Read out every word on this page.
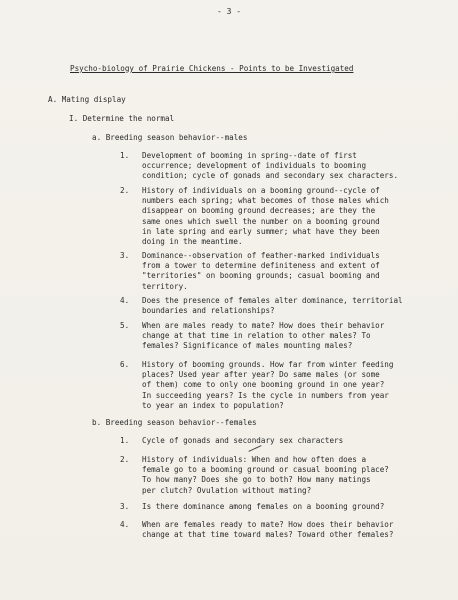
- 3 -
Psycho-biology of Prairie Chickens - Points to be Investigated
A. Mating display
I. Determine the normal
a. Breeding season behavior--males
b. Breeding season behavior--females
1. Development of booming in spring--date of first
occurrence; development of individuals to booming
condition; cycle of gonads and secondary sex characters.
2. History of individuals on a booming ground--cycle of
numbers each spring; what becomes of those males which
disappear on booming ground decreases; are they the
same ones which swell the number on a booming ground
in late spring and early summer; what have they been
doing in the meantime.
3. Dominance--observation of feather-marked individuals
from a tower to determine definiteness and extent of
"territories" on booming grounds; casual booming and
territory.
4. Does the presence of females alter dominance, territorial
boundaries and relationships?
5. When are males ready to mate? How does their behavior
change at that time in relation to other males? To
females? Significance of males mounting males?
6. History of booming grounds. How far from winter feeding
places? Used year after year? Do same males (or some
of them) come to only one booming ground in one year?
In succeeding years? Is the cycle in numbers from year
to year an index to population?
1. Cycle of gonads and secondary sex characters
2. History of individuals: When and how often does a
female go to a booming ground or casual booming place?
To how many? Does she go to both? How many matings
per clutch? Ovulation without mating?
3. Is there dominance among females on a booming ground?
4. When are females ready to mate? How does their behavior
change at that time toward males? Toward other females?
